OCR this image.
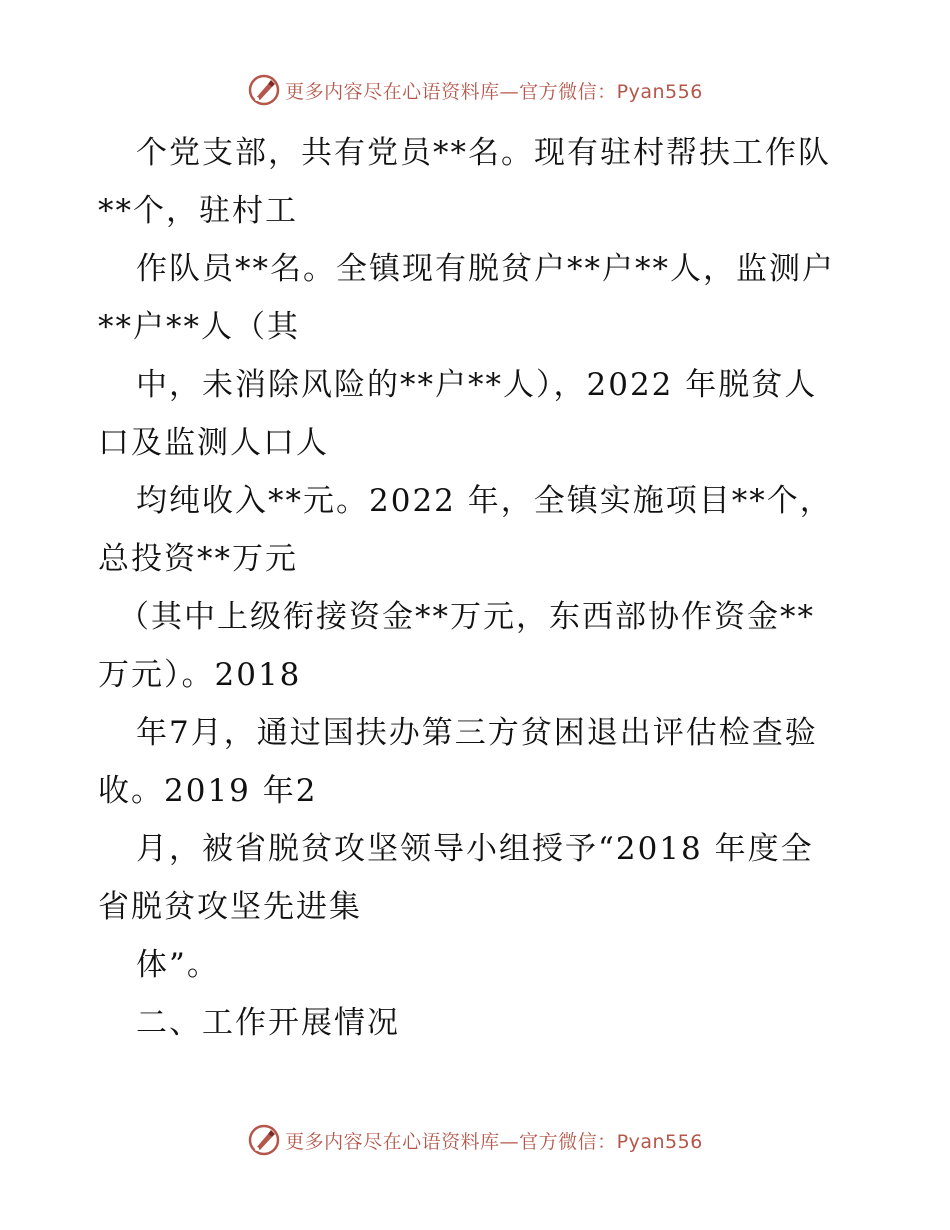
更多内容尽在心语资料库—官方微信：Pyan556
个党支部，共有党员**名。现有驻村帮扶工作队
**个，驻村工
作队员**名。全镇现有脱贫户**户**人，监测户
**户**人（其
中，未消除风险的**户**人），2022 年脱贫人
口及监测人口人
均纯收入**元。2022 年，全镇实施项目**个，
总投资**万元
（其中上级衔接资金**万元，东西部协作资金**
万元）。2018
年7月，通过国扶办第三方贫困退出评估检查验
收。2019 年2
月，被省脱贫攻坚领导小组授予“2018 年度全
省脱贫攻坚先进集
体”。
二、工作开展情况
更多内容尽在心语资料库—官方微信：Pyan556
